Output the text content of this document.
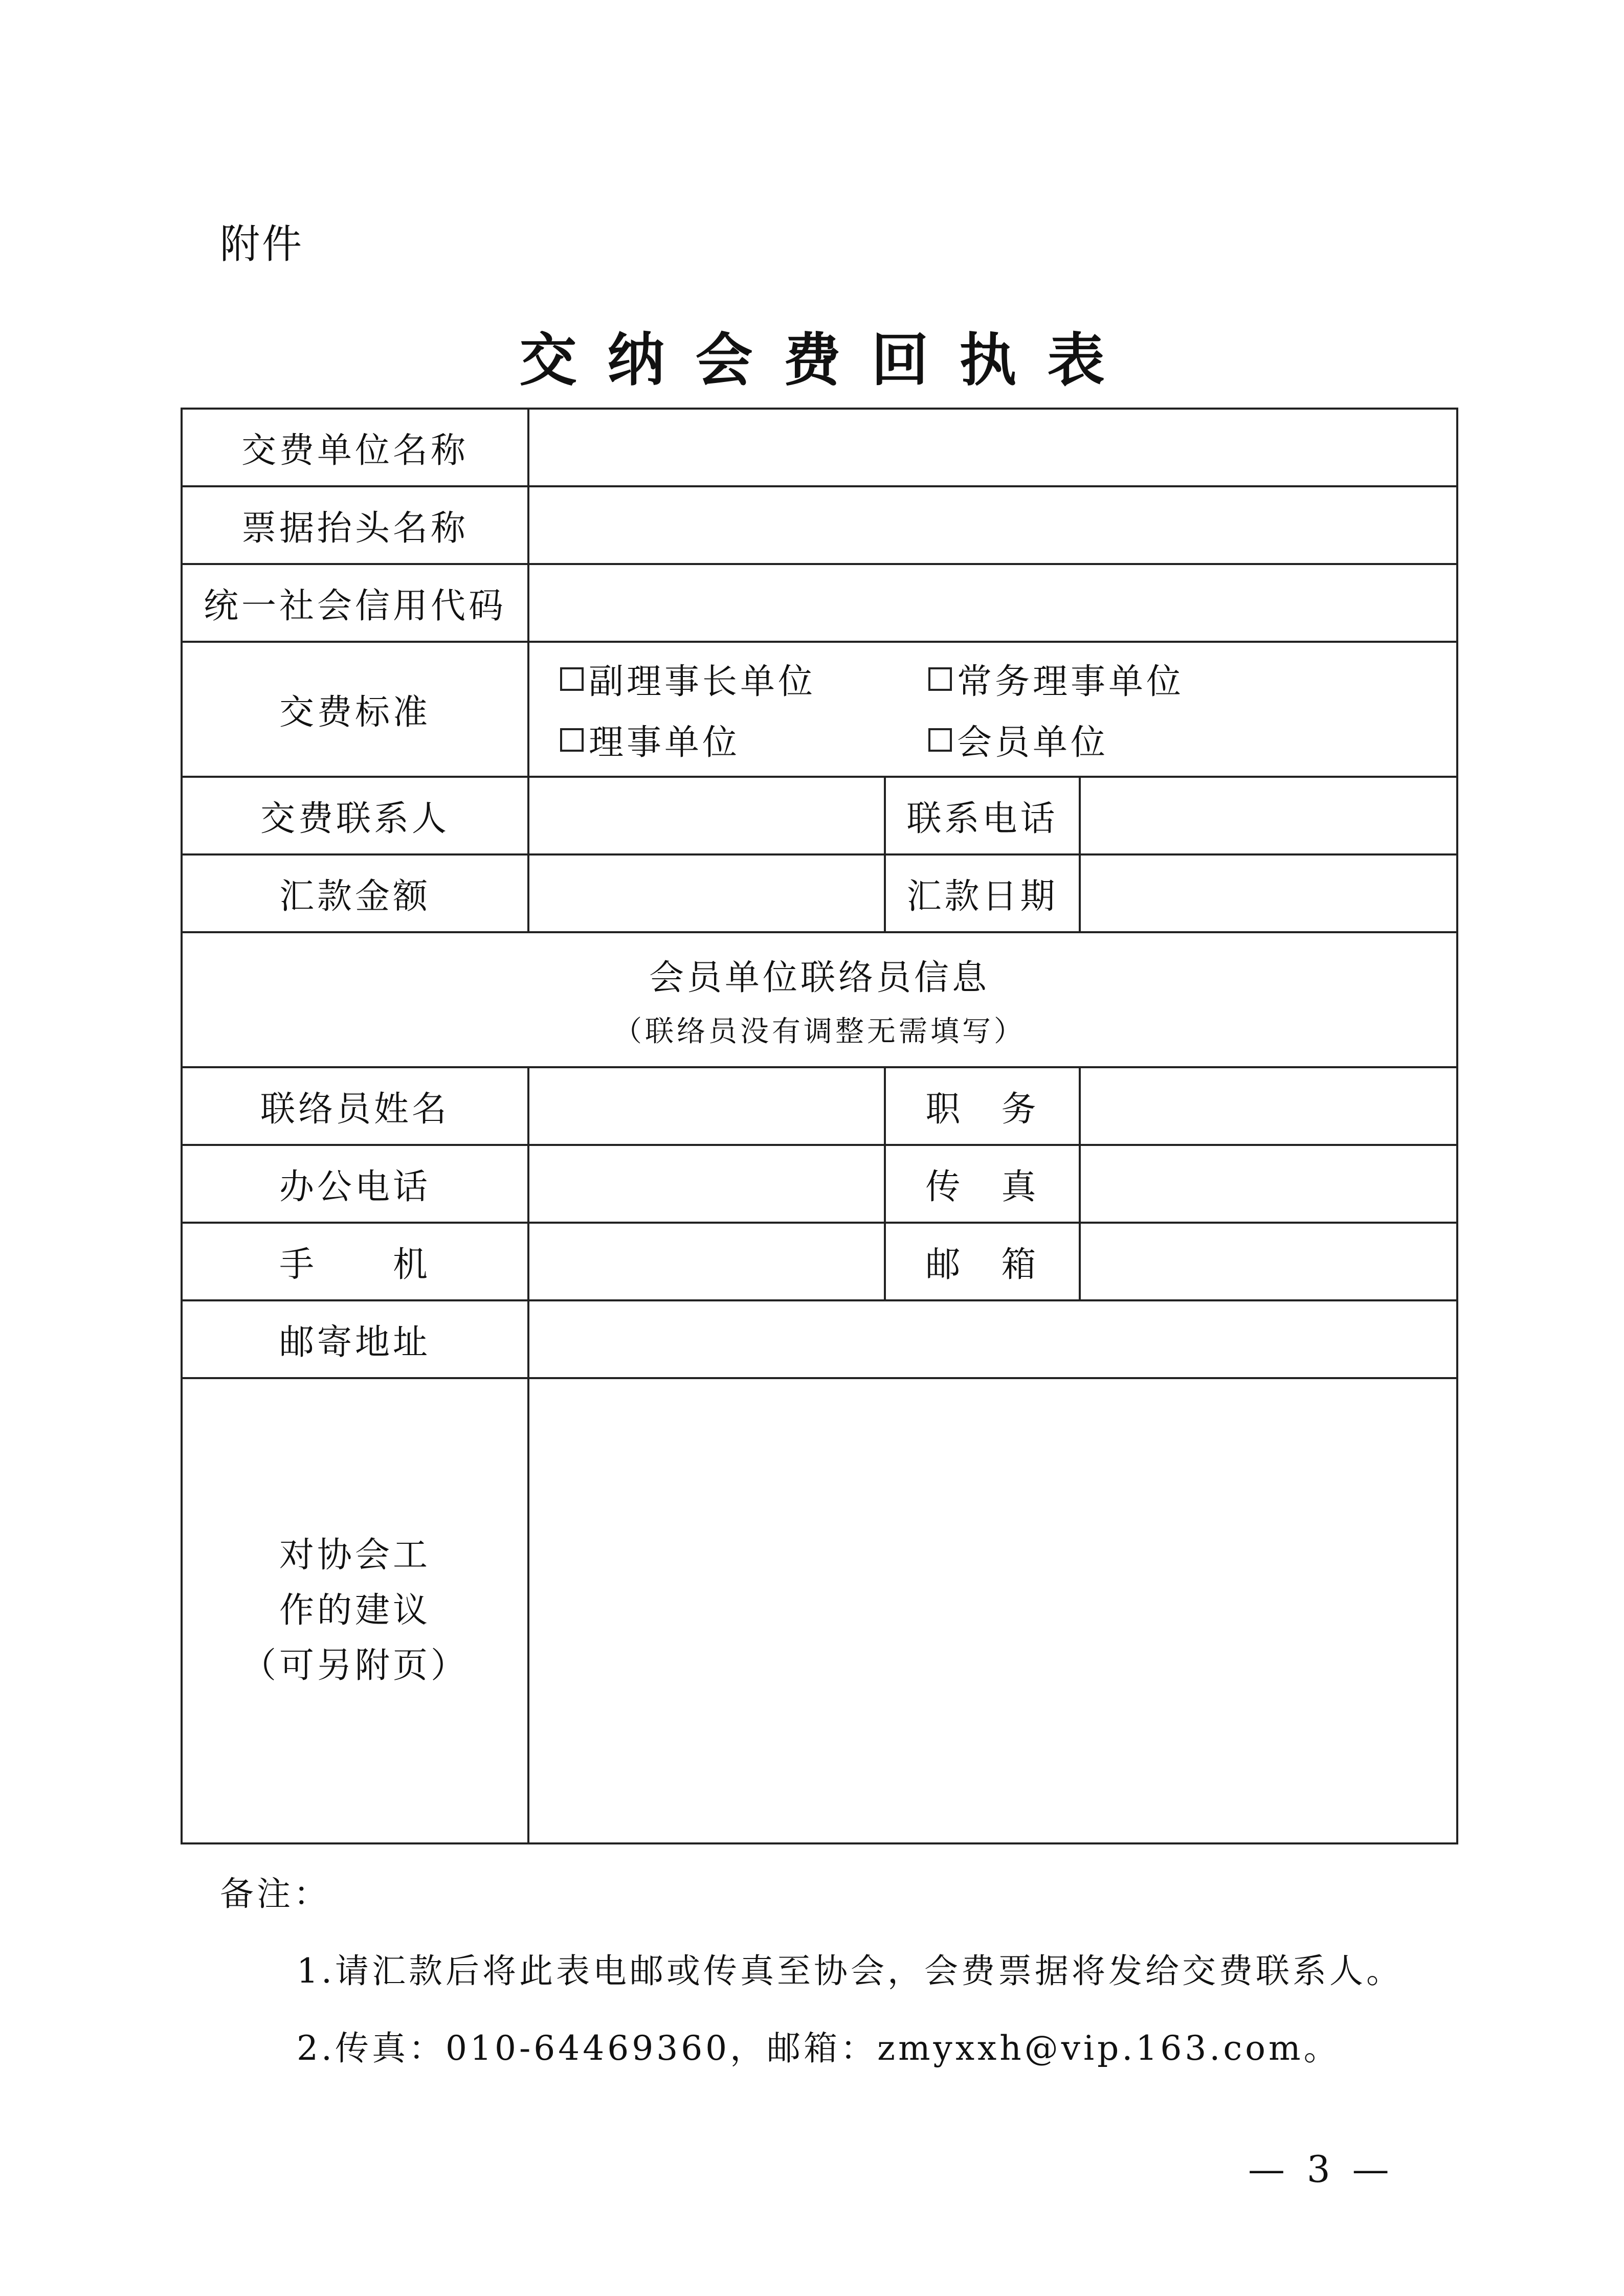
附件
交纳会费回执表
交费单位名称			
票据抬头名称			
统一社会信用代码			
交费标准	副理事长单位 常务理事单位
理事单位 会员单位		

交费联系人		联系电话	
汇款金额		汇款日期	

会员单位联络员信息
（联络员没有调整无需填写）			

联络员姓名		职　务	
办公电话		传　真	
手　　机		邮　箱	
邮寄地址			

对协会工
作的建议
（可另附页）			

备注：
1.请汇款后将此表电邮或传真至协会，会费票据将发给交费联系人。
2.传真：010-64469360，邮箱：zmyxxh@vip.163.com。
— 3 —
